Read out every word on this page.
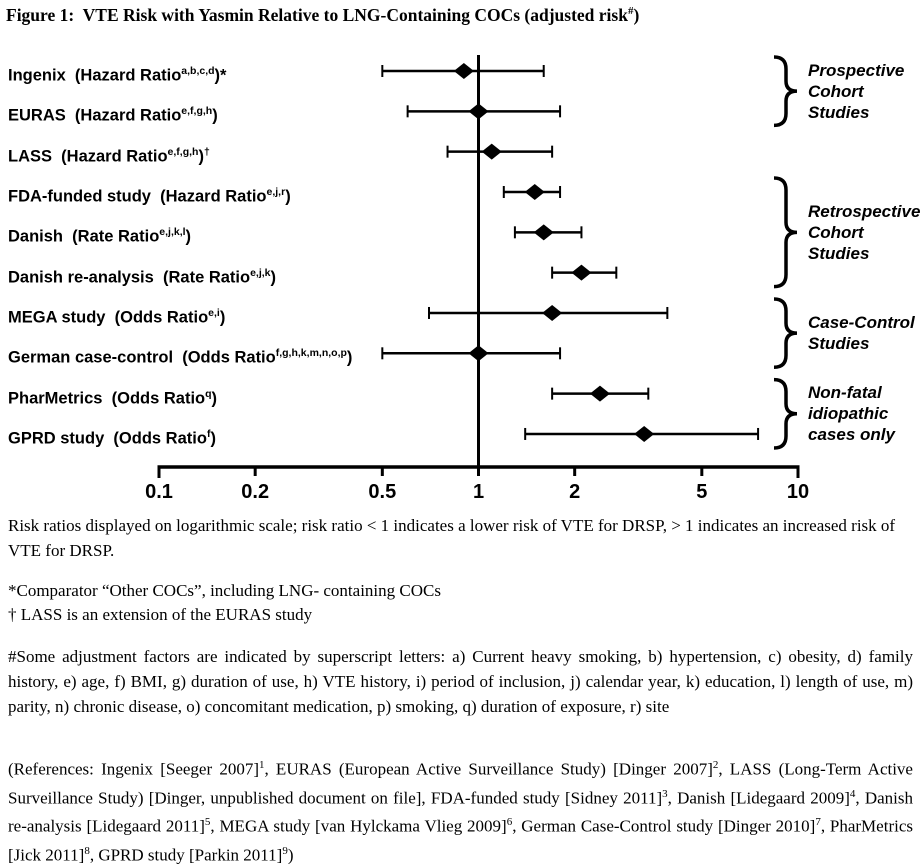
Figure 1:  VTE Risk with Yasmin Relative to LNG-Containing COCs (adjusted risk#)
0.1	0.2	0.5	1	2	5	10
Ingenix  (Hazard Ratio$^{a,b,c,d}$)*
EURAS  (Hazard Ratio$^{e,f,g,h}$)
LASS  (Hazard Ratio$^{e,f,g,h}$)†
FDA-funded study  (Hazard Ratio$^{e,j,r}$)
Danish  (Rate Ratio$^{e,j,k,l}$)
Danish re-analysis  (Rate Ratio$^{e,j,k}$)
MEGA study  (Odds Ratio$^{e,i}$)
German case-control  (Odds Ratio$^{f,g,h,k,m,n,o,p}$)
PharMetrics  (Odds Ratio$^q$)
GPRD study  (Odds Ratio$^f$)
Prospective
Cohort
Studies
Retrospective
Cohort
Studies
Case-Control
Studies
Non-fatal
idiopathic
cases only
Risk ratios displayed on logarithmic scale; risk ratio < 1 indicates a lower risk of VTE for DRSP, > 1 indicates an increased risk of VTE for DRSP.
*Comparator “Other COCs”, including LNG- containing COCs
† LASS is an extension of the EURAS study
#Some adjustment factors are indicated by superscript letters: a) Current heavy smoking, b) hypertension, c) obesity, d) family history, e) age, f) BMI, g) duration of use, h) VTE history, i) period of inclusion, j) calendar year, k) education, l) length of use, m) parity, n) chronic disease, o) concomitant medication, p) smoking, q) duration of exposure, r) site
(References: Ingenix [Seeger 2007]$^1$, EURAS (European Active Surveillance Study) [Dinger 2007]$^2$, LASS (Long-Term Active Surveillance Study) [Dinger, unpublished document on file], FDA-funded study [Sidney 2011]$^3$, Danish [Lidegaard 2009]$^4$, Danish re-analysis [Lidegaard 2011]$^5$, MEGA study [van Hylckama Vlieg 2009]$^6$, German Case-Control study [Dinger 2010]$^7$, PharMetrics [Jick 2011]$^8$, GPRD study [Parkin 2011]$^9$)
